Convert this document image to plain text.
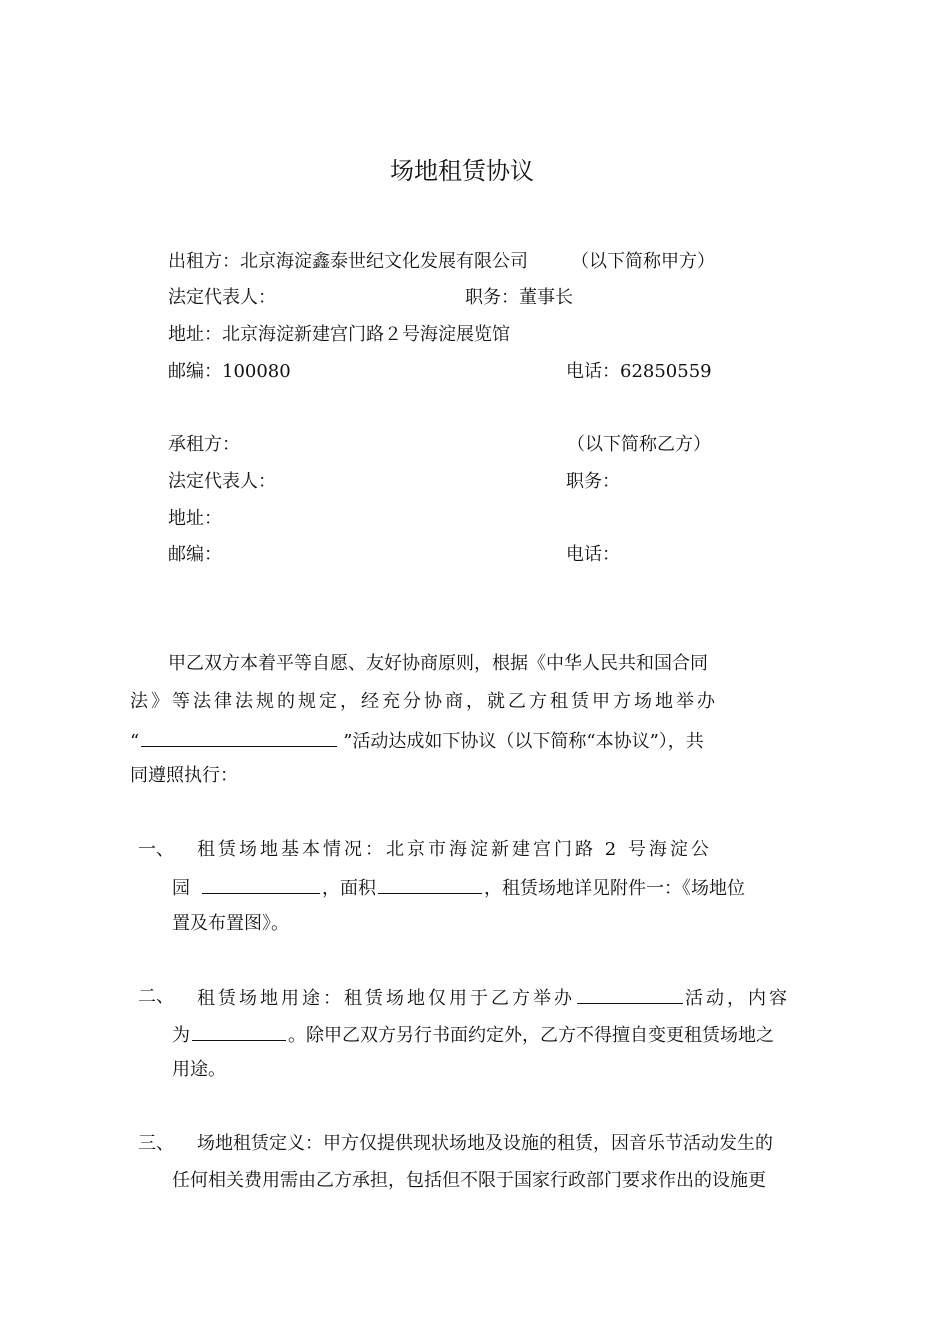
场地租赁协议
出租方：北京海淀鑫泰世纪文化发展有限公司 （以下简称甲方）
法定代表人：	职务：董事长
地址：北京海淀新建宫门路２号海淀展览馆
邮编：100080	电话：62850559
承租方：	（以下简称乙方）
法定代表人：	职务：
地址：
邮编：	电话：
甲乙双方本着平等自愿、友好协商原则，根据《中华人民共和国合同
法》等法律法规的规定，经充分协商，就乙方租赁甲方场地举办
“	”活动达成如下协议（以下简称“本协议”），共
同遵照执行：
一、 租赁场地基本情况：北京市海淀新建宫门路 2 号海淀公
园	，面积	，租赁场地详见附件一：《场地位
置及布置图》。
二、 租赁场地用途：租赁场地仅用于乙方举办	活动，内容
为	。除甲乙双方另行书面约定外，乙方不得擅自变更租赁场地之
用途。
三、 场地租赁定义：甲方仅提供现状场地及设施的租赁，因音乐节活动发生的
任何相关费用需由乙方承担，包括但不限于国家行政部门要求作出的设施更
